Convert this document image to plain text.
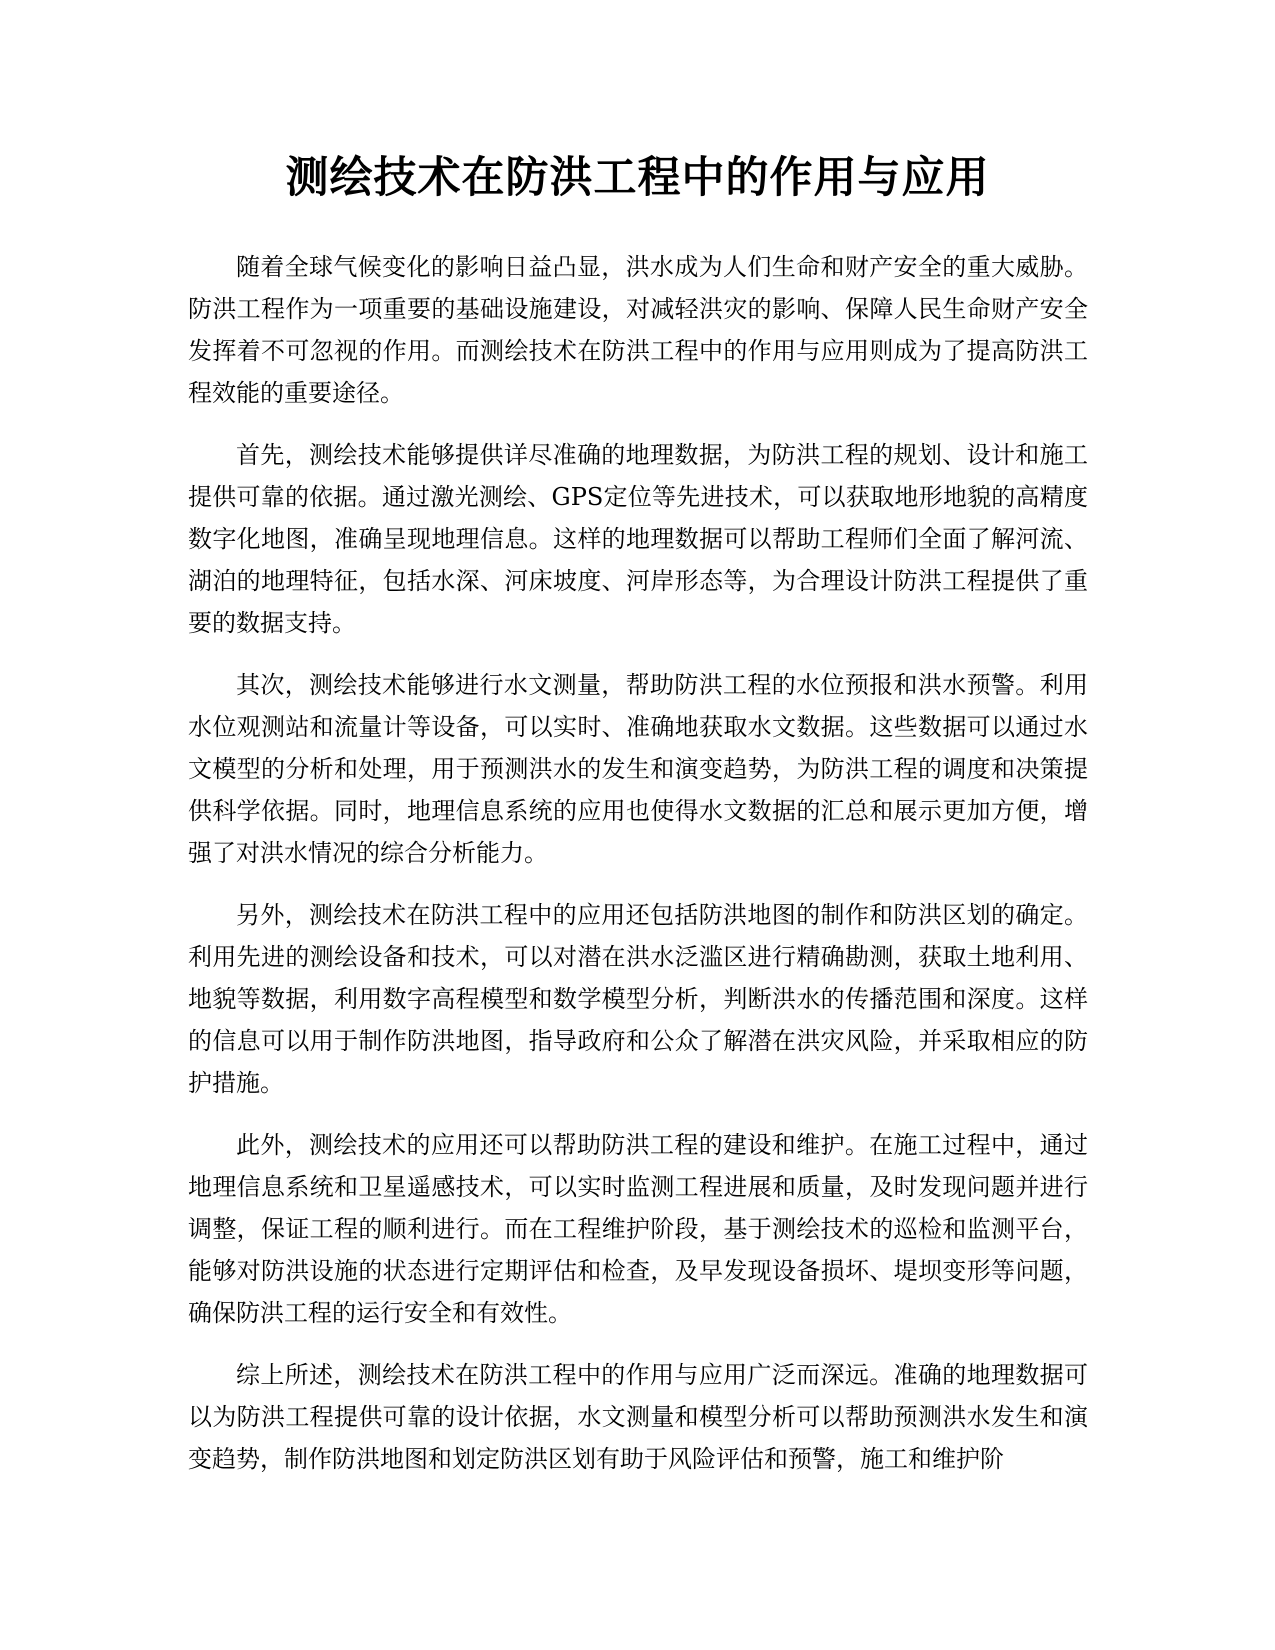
测绘技术在防洪工程中的作用与应用

随着全球气候变化的影响日益凸显，洪水成为人们生命和财产安全的重大威胁。防洪工程作为一项重要的基础设施建设，对减轻洪灾的影响、保障人民生命财产安全发挥着不可忽视的作用。而测绘技术在防洪工程中的作用与应用则成为了提高防洪工程效能的重要途径。

首先，测绘技术能够提供详尽准确的地理数据，为防洪工程的规划、设计和施工提供可靠的依据。通过激光测绘、GPS定位等先进技术，可以获取地形地貌的高精度数字化地图，准确呈现地理信息。这样的地理数据可以帮助工程师们全面了解河流、湖泊的地理特征，包括水深、河床坡度、河岸形态等，为合理设计防洪工程提供了重要的数据支持。

其次，测绘技术能够进行水文测量，帮助防洪工程的水位预报和洪水预警。利用水位观测站和流量计等设备，可以实时、准确地获取水文数据。这些数据可以通过水文模型的分析和处理，用于预测洪水的发生和演变趋势，为防洪工程的调度和决策提供科学依据。同时，地理信息系统的应用也使得水文数据的汇总和展示更加方便，增强了对洪水情况的综合分析能力。

另外，测绘技术在防洪工程中的应用还包括防洪地图的制作和防洪区划的确定。利用先进的测绘设备和技术，可以对潜在洪水泛滥区进行精确勘测，获取土地利用、地貌等数据，利用数字高程模型和数学模型分析，判断洪水的传播范围和深度。这样的信息可以用于制作防洪地图，指导政府和公众了解潜在洪灾风险，并采取相应的防护措施。

此外，测绘技术的应用还可以帮助防洪工程的建设和维护。在施工过程中，通过地理信息系统和卫星遥感技术，可以实时监测工程进展和质量，及时发现问题并进行调整，保证工程的顺利进行。而在工程维护阶段，基于测绘技术的巡检和监测平台，能够对防洪设施的状态进行定期评估和检查，及早发现设备损坏、堤坝变形等问题，确保防洪工程的运行安全和有效性。

综上所述，测绘技术在防洪工程中的作用与应用广泛而深远。准确的地理数据可以为防洪工程提供可靠的设计依据，水文测量和模型分析可以帮助预测洪水发生和演变趋势，制作防洪地图和划定防洪区划有助于风险评估和预警，施工和维护阶
